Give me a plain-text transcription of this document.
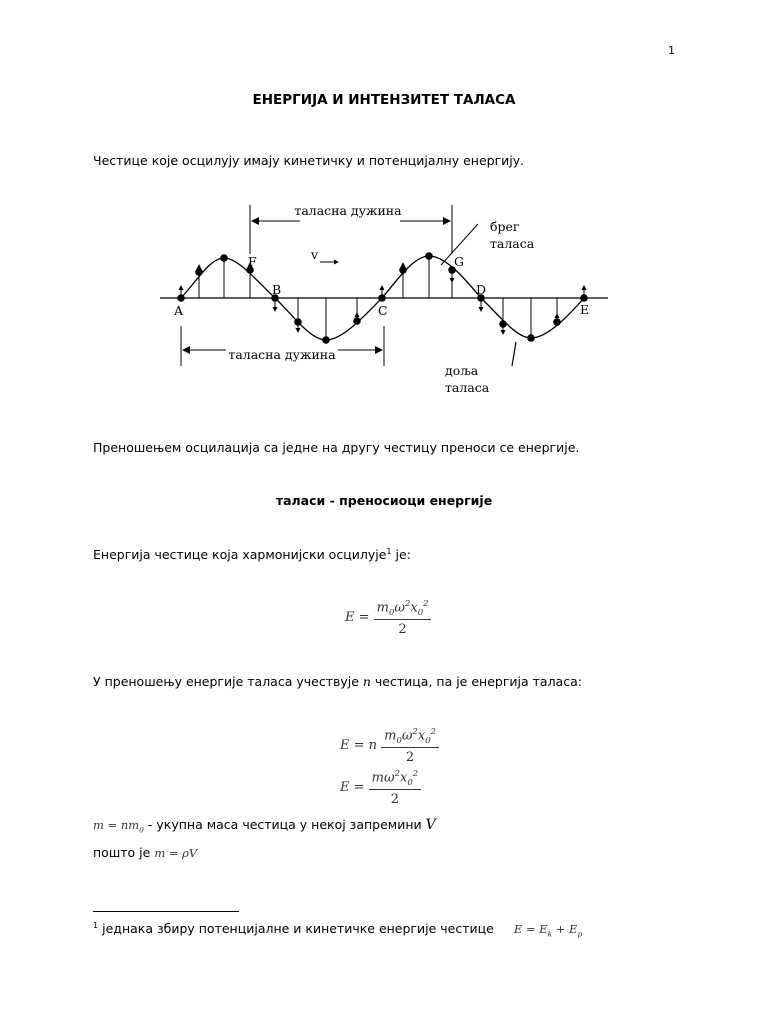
1
ЕНЕРГИЈА И ИНТЕНЗИТЕТ ТАЛАСА
Честице које осцилују имају кинетичку и потенцијалну енергију.
таласна дужина
таласна дужина
брег
таласа
доља
таласа
v
A
B
C
D
E
F	G
Преношењем осцилација са једне на другу честицу преноси се енергије.
таласи - преносиоци енергије
Енергија честице која хармонијски осцилује$^1$ је:
$E = \frac{m_0\omega^2x_0^2}{2}$
У преношењу енергије таласа учествује n честица, па је енергија таласа:
E = n $\frac{m_0\omega^2x_0^2}{2}$
$E = \frac{m\omega^2x_0^2}{2}$
$m = nm_0$ - укупна маса честица у некој запремини V
пошто је m = ρV
$^1$ једнака збиру потенцијалне и кинетичке енергије честице $E = E_k + E_p$
